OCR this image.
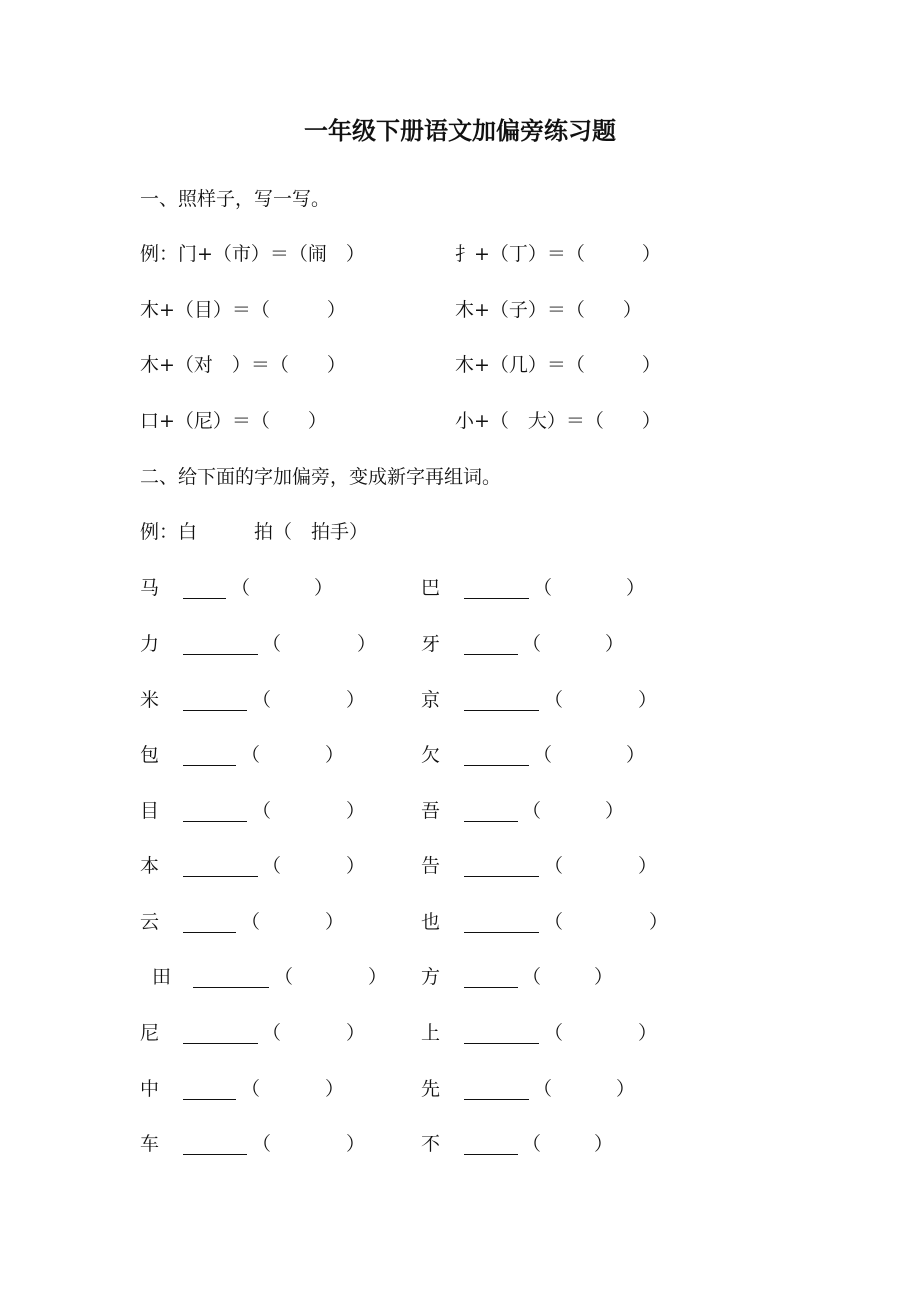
一年级下册语文加偏旁练习题
一、照样子，写一写。
例：门+（市）＝（闹　）	扌+（丁）＝（　　　）
木+（目）＝（　　　）	木+（子）＝（　　）
木+（对　）＝（　　）	木+（几）＝（　　　）
口+（尼）＝（　　）	小+（　大）＝（　　）
二、给下面的字加偏旁，变成新字再组词。
例：白　　　拍（　拍手）
马	（	）	巴	（	）
力	（	） 牙	（	）
米	（	）	京	（	）
包	（	）	欠	（	）
目	（	）	吾	（	）
本	（	）	告	（	）
云	（	）	也	（	）
田	（	） 方	（	）
尼	（	）	上	（	）
中	（	）	先	（	）
车	（	）	不	（	）
